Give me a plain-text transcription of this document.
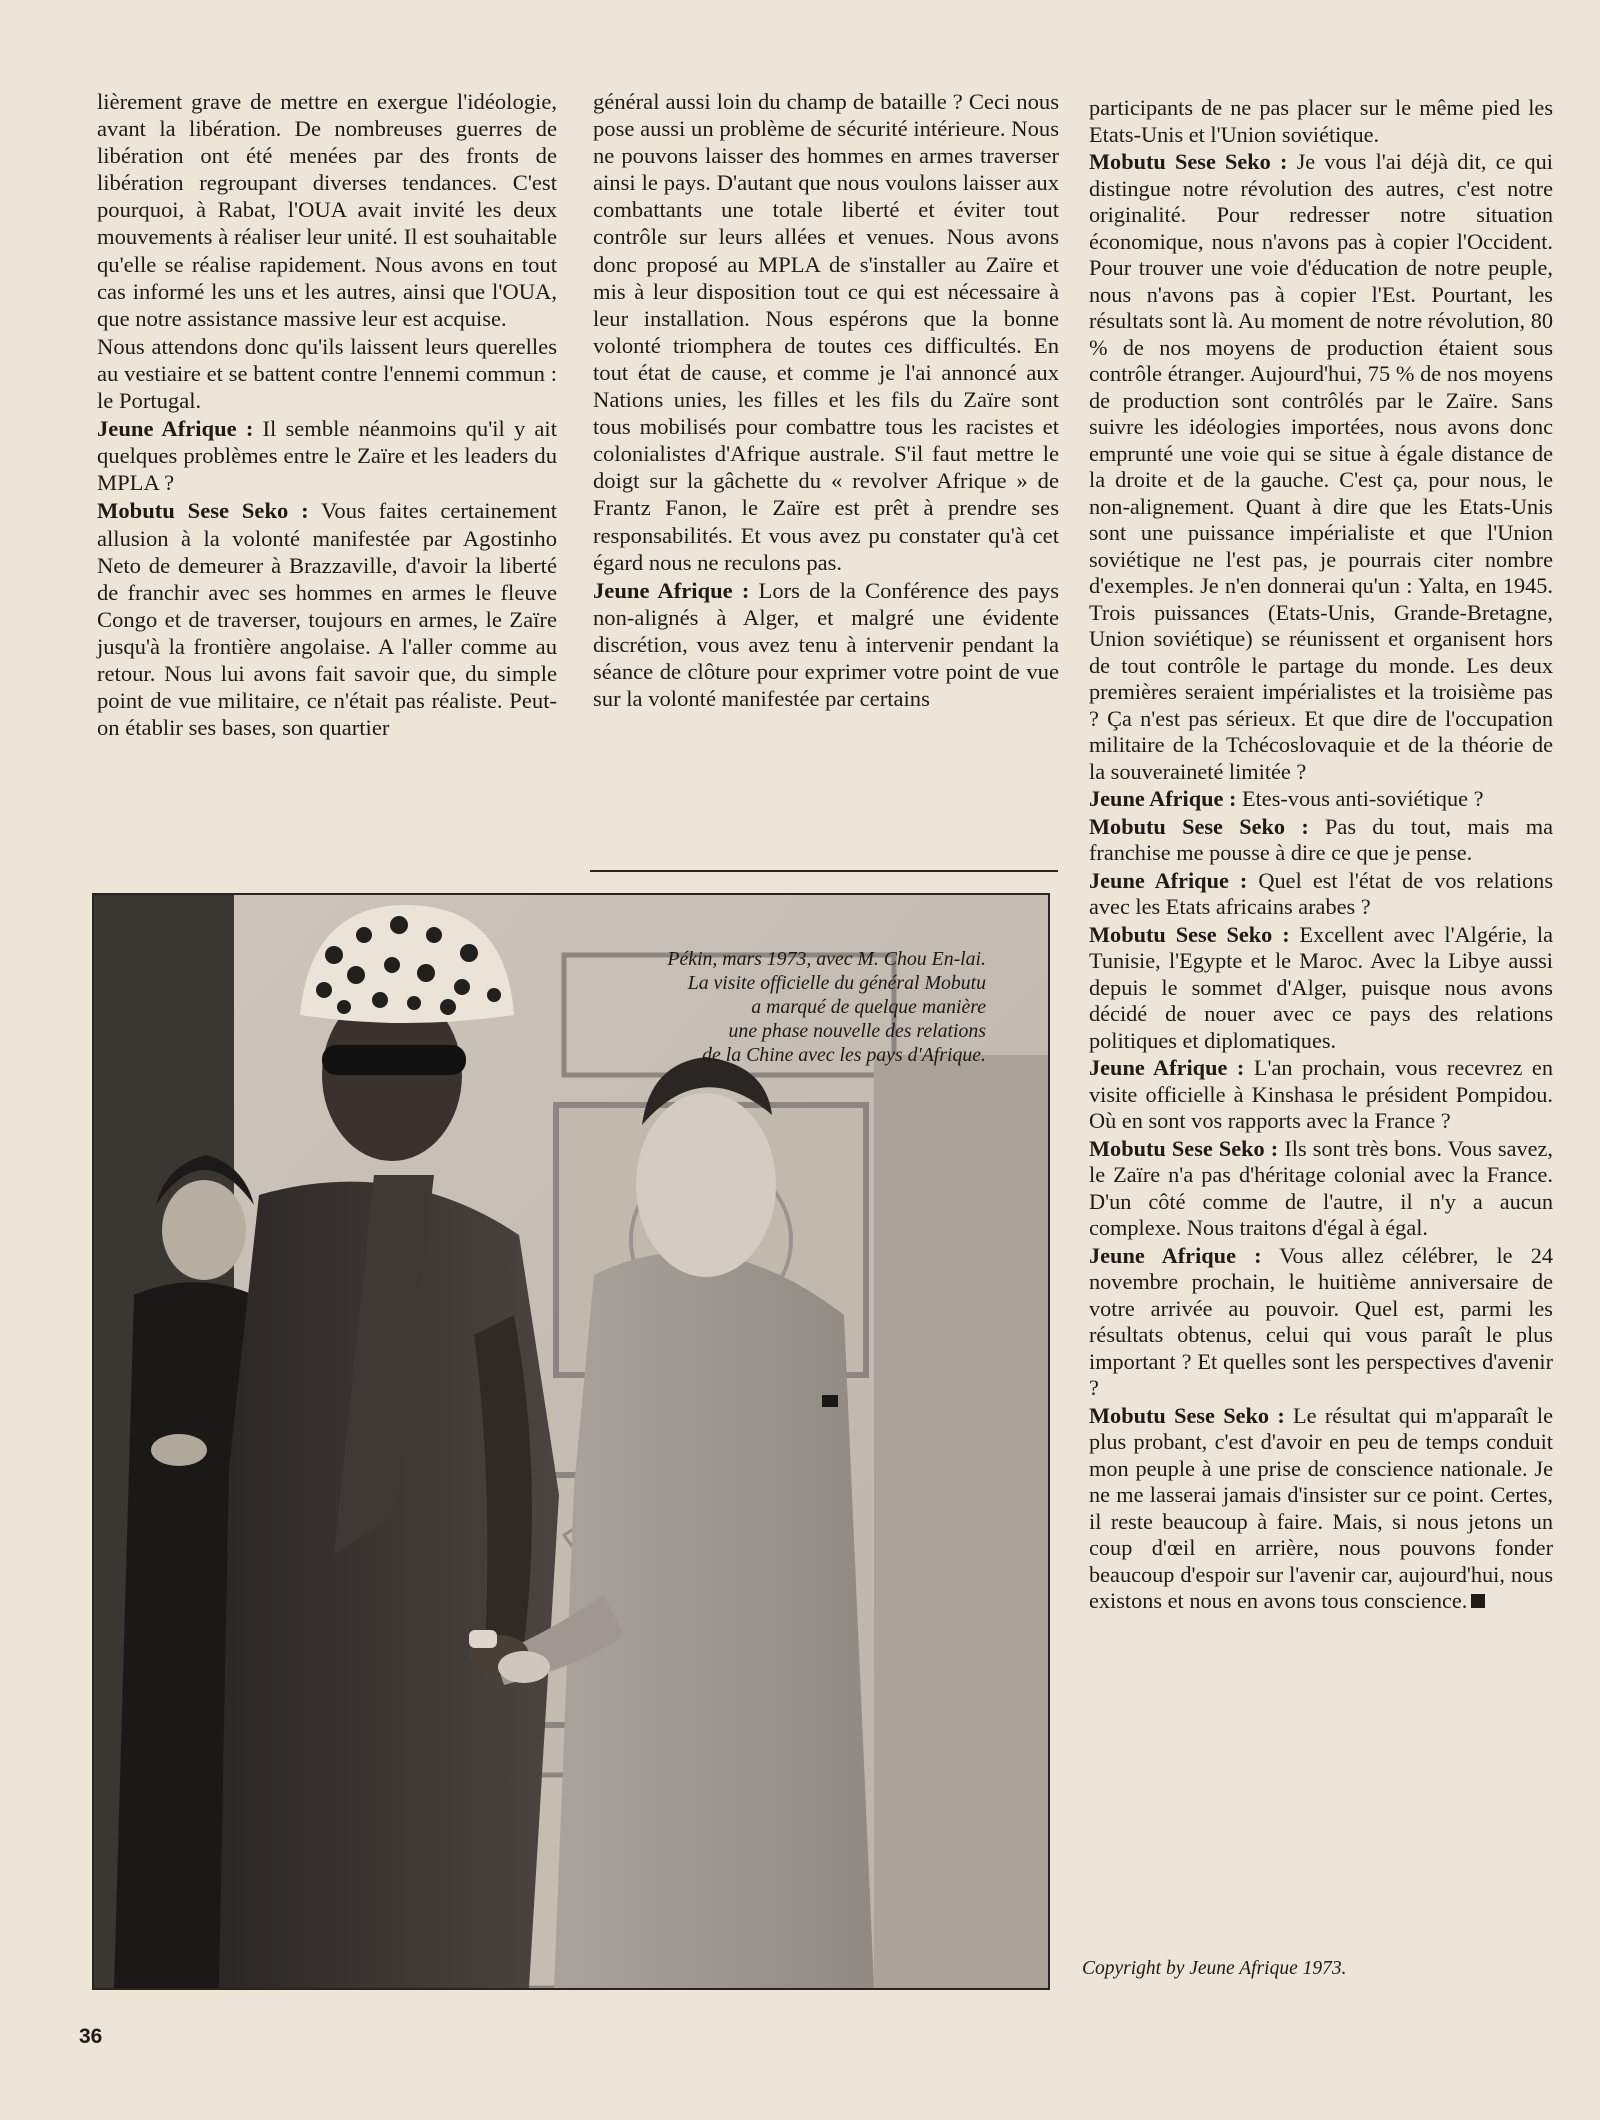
lièrement grave de mettre en exergue l'idéologie, avant la libération. De nombreuses guerres de libération ont été menées par des fronts de libération regroupant diverses tendances. C'est pourquoi, à Rabat, l'OUA avait invité les deux mouvements à réaliser leur unité. Il est souhaitable qu'elle se réalise rapidement. Nous avons en tout cas informé les uns et les autres, ainsi que l'OUA, que notre assistance massive leur est acquise.

Nous attendons donc qu'ils laissent leurs querelles au vestiaire et se battent contre l'ennemi commun : le Portugal.

Jeune Afrique : Il semble néanmoins qu'il y ait quelques problèmes entre le Zaïre et les leaders du MPLA ?

Mobutu Sese Seko : Vous faites certainement allusion à la volonté manifestée par Agostinho Neto de demeurer à Brazzaville, d'avoir la liberté de franchir avec ses hommes en armes le fleuve Congo et de traverser, toujours en armes, le Zaïre jusqu'à la frontière angolaise. A l'aller comme au retour. Nous lui avons fait savoir que, du simple point de vue militaire, ce n'était pas réaliste. Peut-on établir ses bases, son quartier

général aussi loin du champ de bataille ? Ceci nous pose aussi un problème de sécurité intérieure. Nous ne pouvons laisser des hommes en armes traverser ainsi le pays. D'autant que nous voulons laisser aux combattants une totale liberté et éviter tout contrôle sur leurs allées et venues. Nous avons donc proposé au MPLA de s'installer au Zaïre et mis à leur disposition tout ce qui est nécessaire à leur installation. Nous espérons que la bonne volonté triomphera de toutes ces difficultés. En tout état de cause, et comme je l'ai annoncé aux Nations unies, les filles et les fils du Zaïre sont tous mobilisés pour combattre tous les racistes et colonialistes d'Afrique australe. S'il faut mettre le doigt sur la gâchette du « revolver Afrique » de Frantz Fanon, le Zaïre est prêt à prendre ses responsabilités. Et vous avez pu constater qu'à cet égard nous ne reculons pas.

Jeune Afrique : Lors de la Conférence des pays non-alignés à Alger, et malgré une évidente discrétion, vous avez tenu à intervenir pendant la séance de clôture pour exprimer votre point de vue sur la volonté manifestée par certains

participants de ne pas placer sur le même pied les Etats-Unis et l'Union soviétique.

Mobutu Sese Seko : Je vous l'ai déjà dit, ce qui distingue notre révolution des autres, c'est notre originalité. Pour redresser notre situation économique, nous n'avons pas à copier l'Occident. Pour trouver une voie d'éducation de notre peuple, nous n'avons pas à copier l'Est. Pourtant, les résultats sont là. Au moment de notre révolution, 80 % de nos moyens de production étaient sous contrôle étranger. Aujourd'hui, 75 % de nos moyens de production sont contrôlés par le Zaïre. Sans suivre les idéologies importées, nous avons donc emprunté une voie qui se situe à égale distance de la droite et de la gauche. C'est ça, pour nous, le non-alignement. Quant à dire que les Etats-Unis sont une puissance impérialiste et que l'Union soviétique ne l'est pas, je pourrais citer nombre d'exemples. Je n'en donnerai qu'un : Yalta, en 1945. Trois puissances (Etats-Unis, Grande-Bretagne, Union soviétique) se réunissent et organisent hors de tout contrôle le partage du monde. Les deux premières seraient impérialistes et la troisième pas ? Ça n'est pas sérieux. Et que dire de l'occupation militaire de la Tchécoslovaquie et de la théorie de la souveraineté limitée ?

Jeune Afrique : Etes-vous anti-soviétique ?

Mobutu Sese Seko : Pas du tout, mais ma franchise me pousse à dire ce que je pense.

Jeune Afrique : Quel est l'état de vos relations avec les Etats africains arabes ?

Mobutu Sese Seko : Excellent avec l'Algérie, la Tunisie, l'Egypte et le Maroc. Avec la Libye aussi depuis le sommet d'Alger, puisque nous avons décidé de nouer avec ce pays des relations politiques et diplomatiques.

Jeune Afrique : L'an prochain, vous recevrez en visite officielle à Kinshasa le président Pompidou. Où en sont vos rapports avec la France ?

Mobutu Sese Seko : Ils sont très bons. Vous savez, le Zaïre n'a pas d'héritage colonial avec la France. D'un côté comme de l'autre, il n'y a aucun complexe. Nous traitons d'égal à égal.

Jeune Afrique : Vous allez célébrer, le 24 novembre prochain, le huitième anniversaire de votre arrivée au pouvoir. Quel est, parmi les résultats obtenus, celui qui vous paraît le plus important ? Et quelles sont les perspectives d'avenir ?

Mobutu Sese Seko : Le résultat qui m'apparaît le plus probant, c'est d'avoir en peu de temps conduit mon peuple à une prise de conscience nationale. Je ne me lasserai jamais d'insister sur ce point. Certes, il reste beaucoup à faire. Mais, si nous jetons un coup d'œil en arrière, nous pouvons fonder beaucoup d'espoir sur l'avenir car, aujourd'hui, nous existons et nous en avons tous conscience.

Pékin, mars 1973, avec M. Chou En-lai.
La visite officielle du général Mobutu
a marqué de quelque manière
une phase nouvelle des relations
de la Chine avec les pays d'Afrique.
Copyright by Jeune Afrique 1973.
36
